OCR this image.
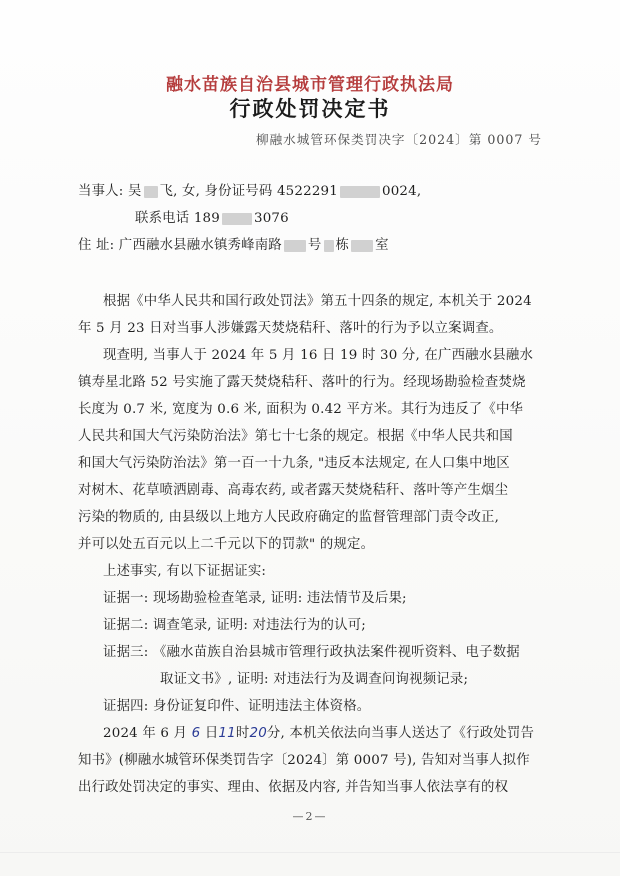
融水苗族自治县城市管理行政执法局
行政处罚决定书
柳融水城管环保类罚决字〔2024〕第 0007 号
当事人: 吴 飞, 女, 身份证号码 4522291	0024,
联系电话 189	3076
住 址: 广西融水县融水镇秀峰南路 号 栋 室
根据《中华人民共和国行政处罚法》第五十四条的规定, 本机关于 2024
年 5 月 23 日对当事人涉嫌露天焚烧秸秆、落叶的行为予以立案调查。
现查明, 当事人于 2024 年 5 月 16 日 19 时 30 分, 在广西融水县融水
镇寿星北路 52 号实施了露天焚烧秸秆、落叶的行为。经现场勘验检查焚烧
长度为 0.7 米, 宽度为 0.6 米, 面积为 0.42 平方米。其行为违反了《中华
人民共和国大气污染防治法》第七十七条的规定。根据《中华人民共和国
和国大气污染防治法》第一百一十九条, "违反本法规定, 在人口集中地区
对树木、花草喷洒剧毒、高毒农药, 或者露天焚烧秸秆、落叶等产生烟尘
污染的物质的, 由县级以上地方人民政府确定的监督管理部门责令改正,
并可以处五百元以上二千元以下的罚款" 的规定。
上述事实, 有以下证据证实:
证据一: 现场勘验检查笔录, 证明: 违法情节及后果;
证据二: 调查笔录, 证明: 对违法行为的认可;
证据三: 《融水苗族自治县城市管理行政执法案件视听资料、电子数据
取证文书》, 证明: 对违法行为及调查问询视频记录;
证据四: 身份证复印件、证明违法主体资格。
2024 年 6 月 6 日11时20分, 本机关依法向当事人送达了《行政处罚告
知书》(柳融水城管环保类罚告字〔2024〕第 0007 号), 告知对当事人拟作
出行政处罚决定的事实、理由、依据及内容, 并告知当事人依法享有的权
—2—
